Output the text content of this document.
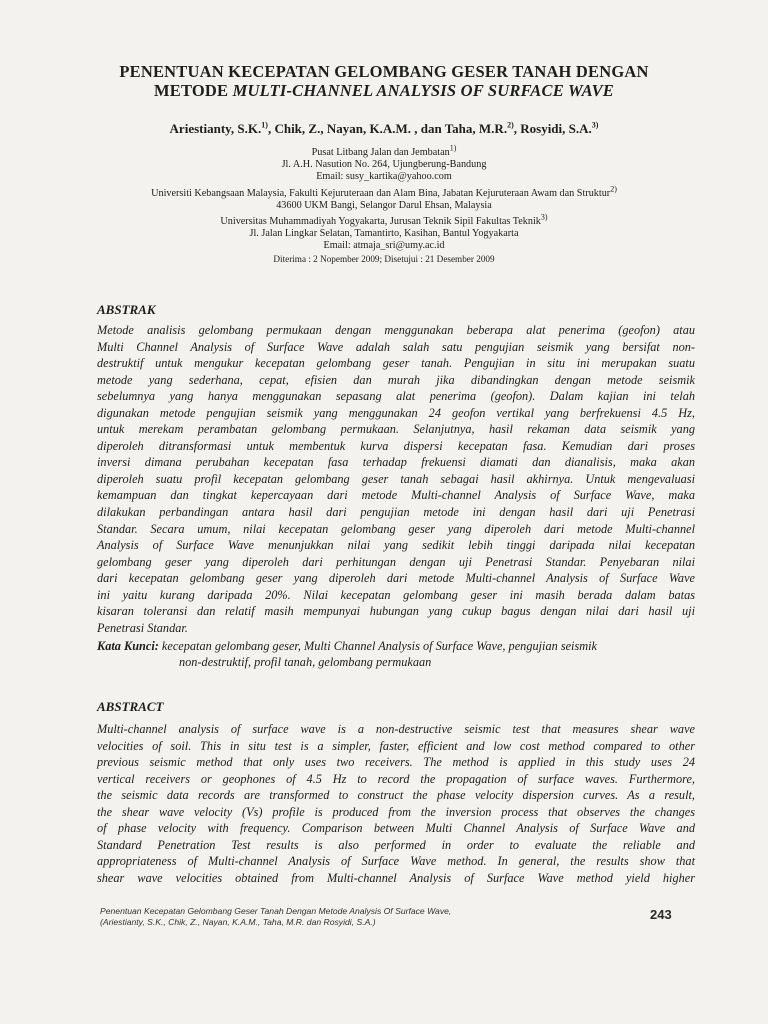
PENENTUAN KECEPATAN GELOMBANG GESER TANAH DENGAN
METODE MULTI-CHANNEL ANALYSIS OF SURFACE WAVE
Ariestianty, S.K.$^{1)}$, Chik, Z., Nayan, K.A.M. , dan Taha, M.R.$^{2)}$, Rosyidi, S.A.$^{3)}$
Pusat Litbang Jalan dan Jembatan$^{1)}$
Jl. A.H. Nasution No. 264, Ujungberung-Bandung
Email: susy_kartika@yahoo.com
Universiti Kebangsaan Malaysia, Fakulti Kejuruteraan dan Alam Bina, Jabatan Kejuruteraan Awam dan Struktur$^{2)}$
43600 UKM Bangi, Selangor Darul Ehsan, Malaysia
Universitas Muhammadiyah Yogyakarta, Jurusan Teknik Sipil Fakultas Teknik$^{3)}$
Jl. Jalan Lingkar Selatan, Tamantirto, Kasihan, Bantul Yogyakarta
Email: atmaja_sri@umy.ac.id
Diterima : 2 Nopember 2009; Disetujui : 21 Desember 2009
ABSTRAK
Metode analisis gelombang permukaan dengan menggunakan beberapa alat penerima (geofon) atau
Multi Channel Analysis of Surface Wave adalah salah satu pengujian seismik yang bersifat non-
destruktif untuk mengukur kecepatan gelombang geser tanah. Pengujian in situ ini merupakan suatu
metode yang sederhana, cepat, efisien dan murah jika dibandingkan dengan metode seismik
sebelumnya yang hanya menggunakan sepasang alat penerima (geofon). Dalam kajian ini telah
digunakan metode pengujian seismik yang menggunakan 24 geofon vertikal yang berfrekuensi 4.5 Hz,
untuk merekam perambatan gelombang permukaan. Selanjutnya, hasil rekaman data seismik yang
diperoleh ditransformasi untuk membentuk kurva dispersi kecepatan fasa. Kemudian dari proses
inversi dimana perubahan kecepatan fasa terhadap frekuensi diamati dan dianalisis, maka akan
diperoleh suatu profil kecepatan gelombang geser tanah sebagai hasil akhirnya. Untuk mengevaluasi
kemampuan dan tingkat kepercayaan dari metode Multi-channel Analysis of Surface Wave, maka
dilakukan perbandingan antara hasil dari pengujian metode ini dengan hasil dari uji Penetrasi
Standar. Secara umum, nilai kecepatan gelombang geser yang diperoleh dari metode Multi-channel
Analysis of Surface Wave menunjukkan nilai yang sedikit lebih tinggi daripada nilai kecepatan
gelombang geser yang diperoleh dari perhitungan dengan uji Penetrasi Standar. Penyebaran nilai
dari kecepatan gelombang geser yang diperoleh dari metode Multi-channel Analysis of Surface Wave
ini yaitu kurang daripada 20%. Nilai kecepatan gelombang geser ini masih berada dalam batas
kisaran toleransi dan relatif masih mempunyai hubungan yang cukup bagus dengan nilai dari hasil uji
Penetrasi Standar.
Kata Kunci: kecepatan gelombang geser, Multi Channel Analysis of Surface Wave, pengujian seismik
non-destruktif, profil tanah, gelombang permukaan
ABSTRACT
Multi-channel analysis of surface wave is a non-destructive seismic test that measures shear wave
velocities of soil. This in situ test is a simpler, faster, efficient and low cost method compared to other
previous seismic method that only uses two receivers. The method is applied in this study uses 24
vertical receivers or geophones of 4.5 Hz to record the propagation of surface waves. Furthermore,
the seismic data records are transformed to construct the phase velocity dispersion curves. As a result,
the shear wave velocity (Vs) profile is produced from the inversion process that observes the changes
of phase velocity with frequency. Comparison between Multi Channel Analysis of Surface Wave and
Standard Penetration Test results is also performed in order to evaluate the reliable and
appropriateness of Multi-channel Analysis of Surface Wave method. In general, the results show that
shear wave velocities obtained from Multi-channel Analysis of Surface Wave method yield higher
Penentuan Kecepatan Gelombang Geser Tanah Dengan Metode Analysis Of Surface Wave,
(Ariestianty, S.K., Chik, Z., Nayan, K.A.M., Taha, M.R. dan Rosyidi, S.A.)	243
